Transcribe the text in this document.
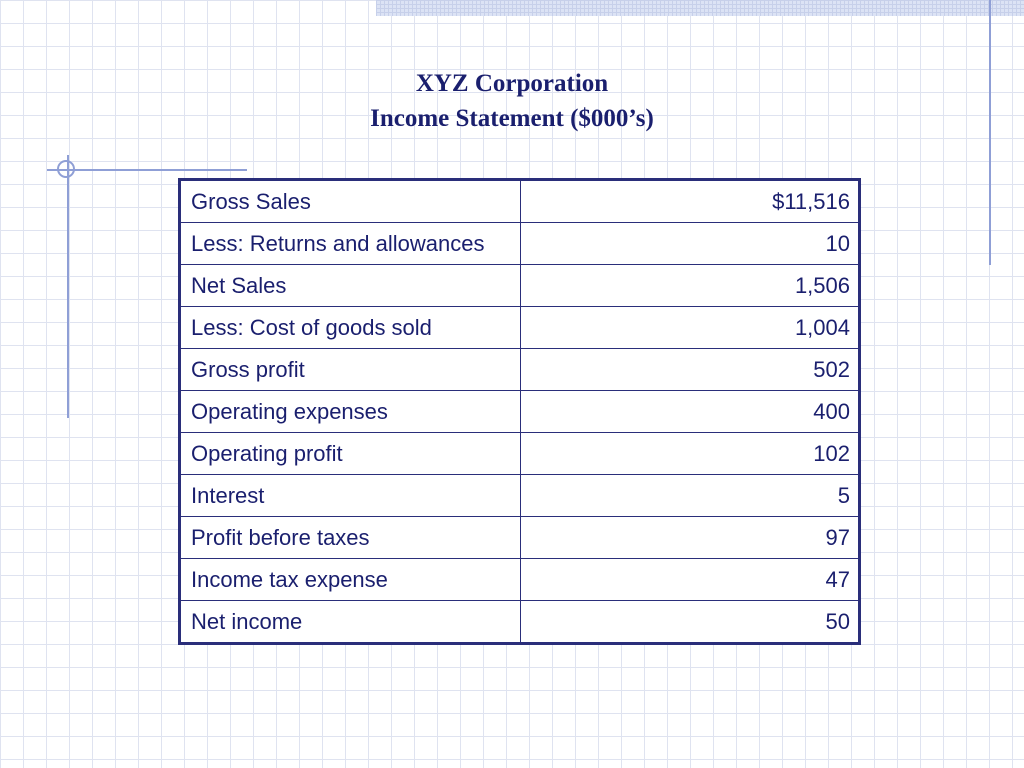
XYZ Corporation
Income Statement ($000’s)
Gross Sales	$11,516
Less: Returns and allowances	10
Net Sales	1,506
Less: Cost of goods sold	1,004
Gross profit	502
Operating expenses	400
Operating profit	102
Interest	5
Profit before taxes	97
Income tax expense	47
Net income	50
